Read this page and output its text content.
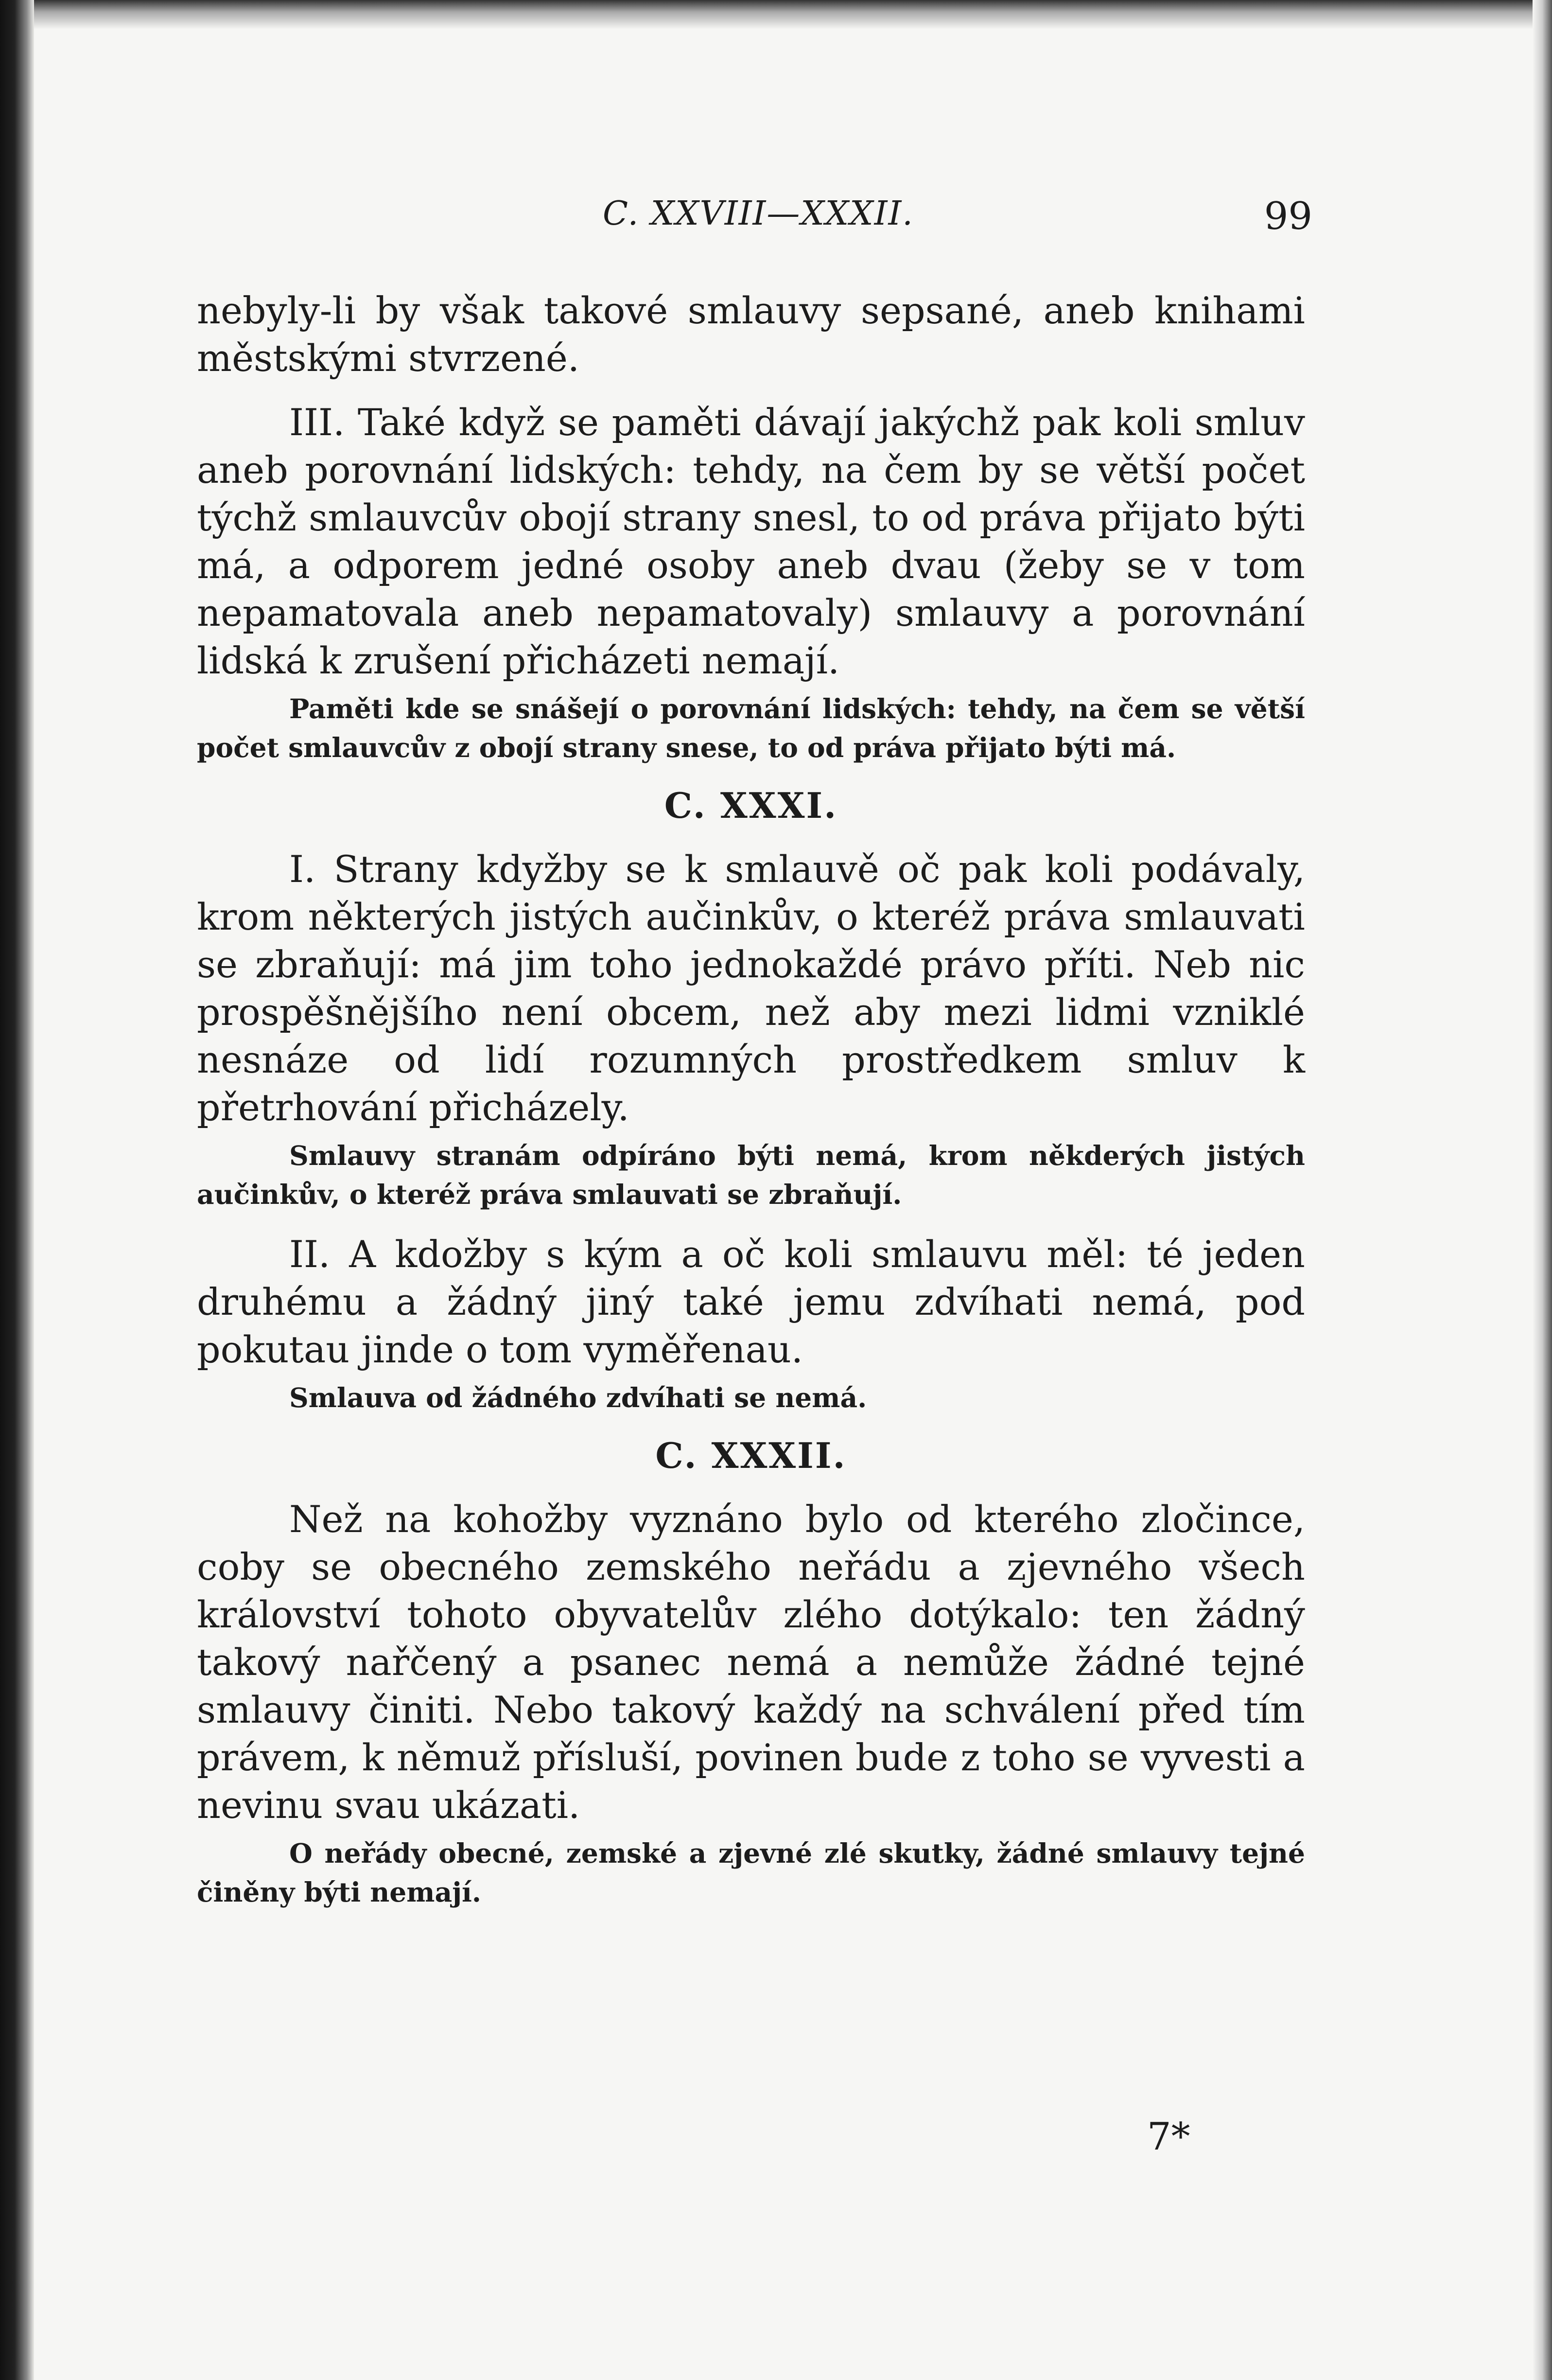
C. XXVIII—XXXII.	99

nebyly-li by však takové smlauvy sepsané, aneb knihami městskými stvrzené.

III. Také když se paměti dávají jakýchž pak koli smluv aneb porovnání lidských: tehdy, na čem by se větší počet týchž smlauvcův obojí strany snesl, to od práva přijato býti má, a odporem jedné osoby aneb dvau (žeby se v tom nepamatovala aneb nepamatovaly) smlauvy a porovnání lidská k zrušení přicházeti nemají.

Paměti kde se snášejí o porovnání lidských: tehdy, na čem se větší počet smlauvcův z obojí strany snese, to od práva přijato býti má.

C. XXXI.

I. Strany kdyžby se k smlauvě oč pak koli podávaly, krom některých jistých aučinkův, o kteréž práva smlauvati se zbraňují: má jim toho jednokaždé právo příti. Neb nic prospěšnějšího není obcem, než aby mezi lidmi vzniklé nesnáze od lidí rozumných prostředkem smluv k přetrhování přicházely.

Smlauvy stranám odpíráno býti nemá, krom někderých jistých aučinkův, o kteréž práva smlauvati se zbraňují.

II. A kdožby s kým a oč koli smlauvu měl: té jeden druhému a žádný jiný také jemu zdvíhati nemá, pod pokutau jinde o tom vyměřenau.

Smlauva od žádného zdvíhati se nemá.

C. XXXII.

Než na kohožby vyznáno bylo od kterého zločince, coby se obecného zemského neřádu a zjevného všech království tohoto obyvatelův zlého dotýkalo: ten žádný takový nařčený a psanec nemá a nemůže žádné tejné smlauvy činiti. Nebo takový každý na schválení před tím právem, k němuž přísluší, povinen bude z toho se vyvesti a nevinu svau ukázati.

O neřády obecné, zemské a zjevné zlé skutky, žádné smlauvy tejné činěny býti nemají.

7*
